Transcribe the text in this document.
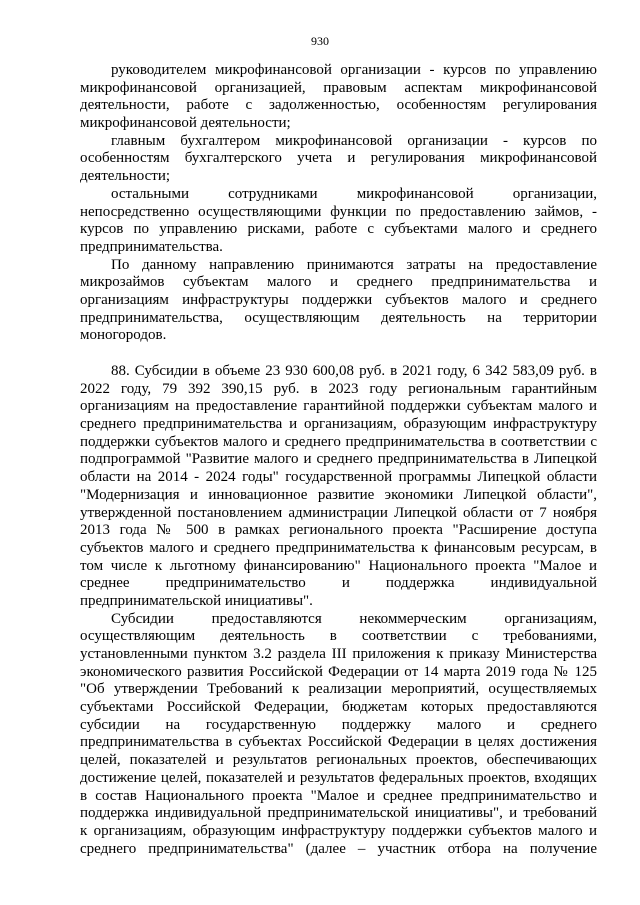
930
руководителем микрофинансовой организации - курсов по управлению
микрофинансовой организацией, правовым аспектам микрофинансовой
деятельности, работе с задолженностью, особенностям регулирования
микрофинансовой деятельности;
главным бухгалтером микрофинансовой организации - курсов по
особенностям бухгалтерского учета и регулирования микрофинансовой
деятельности;
остальными сотрудниками микрофинансовой организации,
непосредственно осуществляющими функции по предоставлению займов, -
курсов по управлению рисками, работе с субъектами малого и среднего
предпринимательства.
По данному направлению принимаются затраты на предоставление
микрозаймов субъектам малого и среднего предпринимательства и
организациям инфраструктуры поддержки субъектов малого и среднего
предпринимательства, осуществляющим деятельность на территории
моногородов.
88. Субсидии в объеме 23 930 600,08 руб. в 2021 году, 6 342 583,09 руб. в
2022 году, 79 392 390,15 руб. в 2023 году региональным гарантийным
организациям на предоставление гарантийной поддержки субъектам малого и
среднего предпринимательства и организациям, образующим инфраструктуру
поддержки субъектов малого и среднего предпринимательства в соответствии с
подпрограммой "Развитие малого и среднего предпринимательства в Липецкой
области на 2014 - 2024 годы" государственной программы Липецкой области
"Модернизация и инновационное развитие экономики Липецкой области",
утвержденной постановлением администрации Липецкой области от 7 ноября
2013 года № 500 в рамках регионального проекта "Расширение доступа
субъектов малого и среднего предпринимательства к финансовым ресурсам, в
том числе к льготному финансированию" Национального проекта "Малое и
среднее предпринимательство и поддержка индивидуальной
предпринимательской инициативы".
Субсидии предоставляются некоммерческим организациям,
осуществляющим деятельность в соответствии с требованиями,
установленными пунктом 3.2 раздела III приложения к приказу Министерства
экономического развития Российской Федерации от 14 марта 2019 года № 125
"Об утверждении Требований к реализации мероприятий, осуществляемых
субъектами Российской Федерации, бюджетам которых предоставляются
субсидии на государственную поддержку малого и среднего
предпринимательства в субъектах Российской Федерации в целях достижения
целей, показателей и результатов региональных проектов, обеспечивающих
достижение целей, показателей и результатов федеральных проектов, входящих
в состав Национального проекта "Малое и среднее предпринимательство и
поддержка индивидуальной предпринимательской инициативы", и требований
к организациям, образующим инфраструктуру поддержки субъектов малого и
среднего предпринимательства" (далее – участник отбора на получение
